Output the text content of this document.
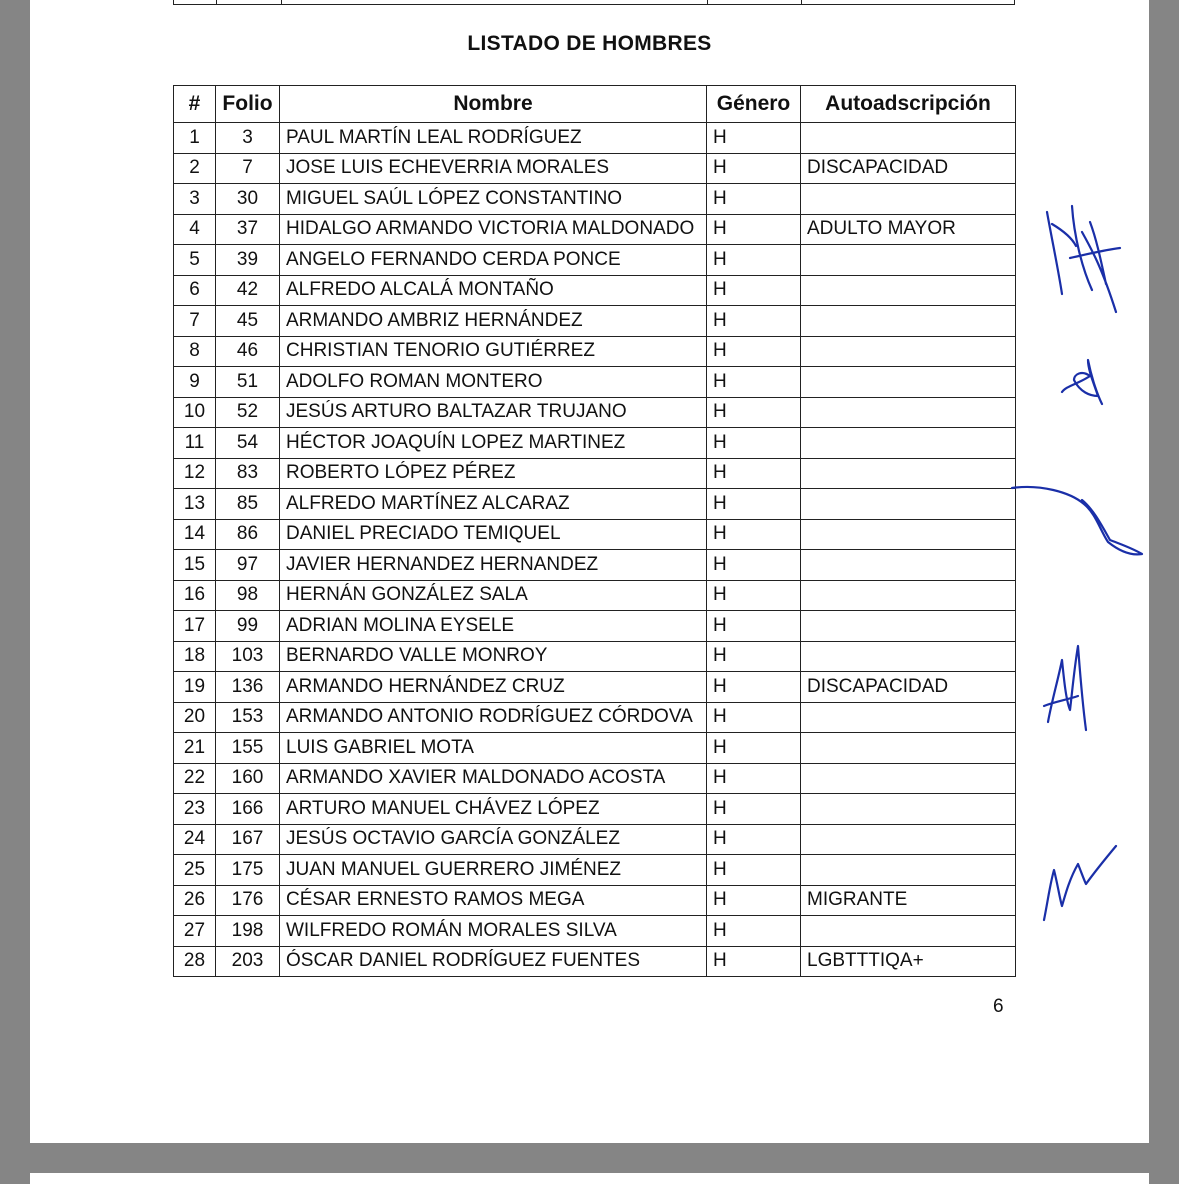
LISTADO DE HOMBRES
#	Folio	Nombre	Género	Autoadscripción
1	3	PAUL MARTÍN LEAL RODRÍGUEZ	H	
2	7	JOSE LUIS ECHEVERRIA MORALES	H	DISCAPACIDAD
3	30	MIGUEL SAÚL LÓPEZ CONSTANTINO	H	
4	37	HIDALGO ARMANDO VICTORIA MALDONADO	H	ADULTO MAYOR
5	39	ANGELO FERNANDO CERDA PONCE	H	
6	42	ALFREDO ALCALÁ MONTAÑO	H	
7	45	ARMANDO AMBRIZ HERNÁNDEZ	H	
8	46	CHRISTIAN TENORIO GUTIÉRREZ	H	
9	51	ADOLFO ROMAN MONTERO	H	
10	52	JESÚS ARTURO BALTAZAR TRUJANO	H	
11	54	HÉCTOR JOAQUÍN LOPEZ MARTINEZ	H	
12	83	ROBERTO LÓPEZ PÉREZ	H	
13	85	ALFREDO MARTÍNEZ ALCARAZ	H	
14	86	DANIEL PRECIADO TEMIQUEL	H	
15	97	JAVIER HERNANDEZ HERNANDEZ	H	
16	98	HERNÁN GONZÁLEZ SALA	H	
17	99	ADRIAN MOLINA EYSELE	H	
18	103	BERNARDO VALLE MONROY	H	
19	136	ARMANDO HERNÁNDEZ CRUZ	H	DISCAPACIDAD
20	153	ARMANDO ANTONIO RODRÍGUEZ CÓRDOVA	H	
21	155	LUIS GABRIEL MOTA	H	
22	160	ARMANDO XAVIER MALDONADO ACOSTA	H	
23	166	ARTURO MANUEL CHÁVEZ LÓPEZ	H	
24	167	JESÚS OCTAVIO GARCÍA GONZÁLEZ	H	
25	175	JUAN MANUEL GUERRERO JIMÉNEZ	H	
26	176	CÉSAR ERNESTO RAMOS MEGA	H	MIGRANTE
27	198	WILFREDO ROMÁN MORALES SILVA	H	
28	203	ÓSCAR DANIEL RODRÍGUEZ FUENTES	H	LGBTTTIQA+
6
